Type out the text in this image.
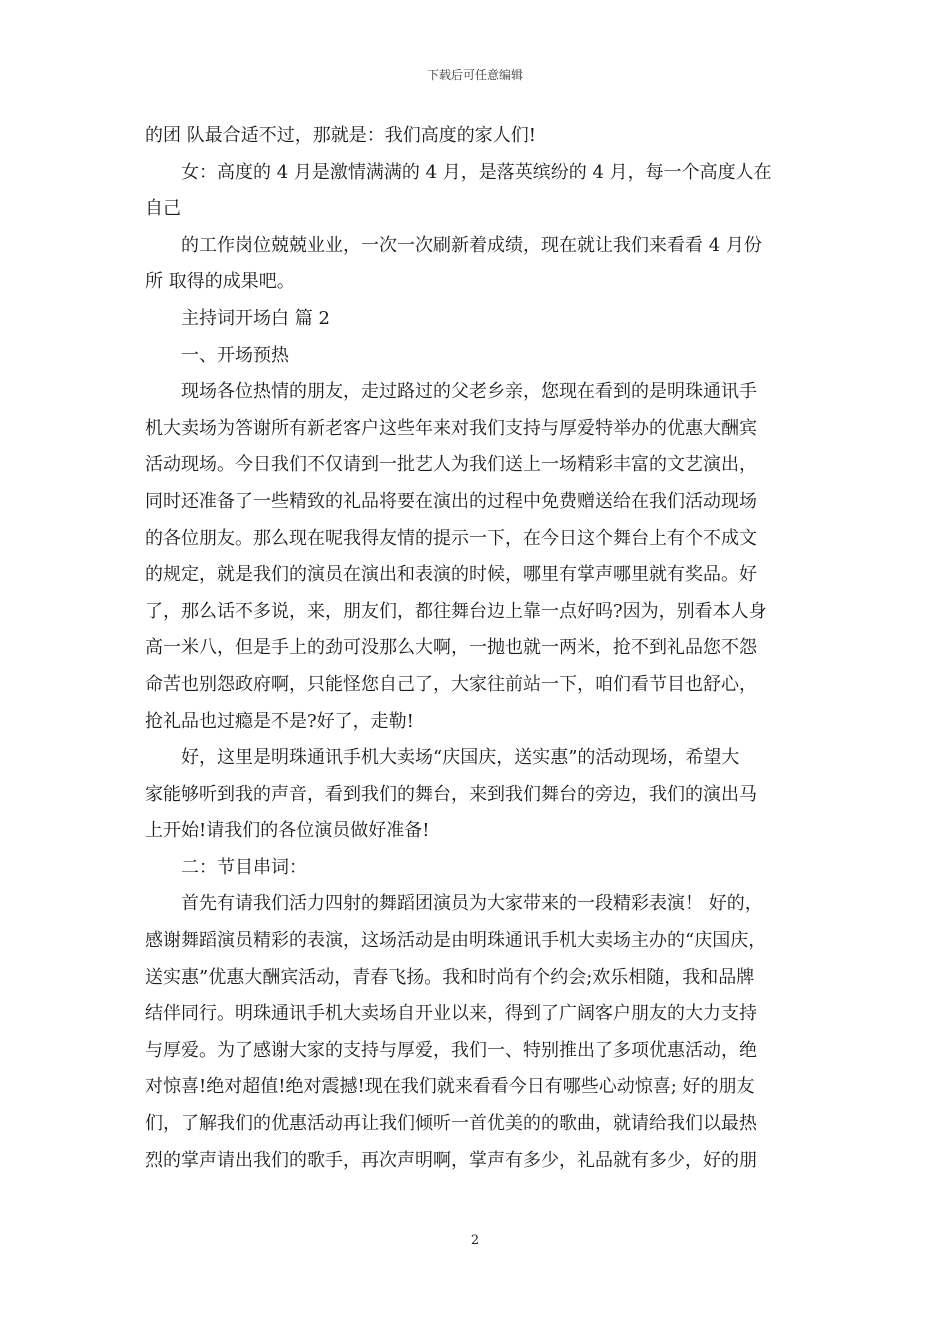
下载后可任意编辑
的团 队最合适不过，那就是：我们高度的家人们!
女：高度的 4 月是激情满满的 4 月，是落英缤纷的 4 月，每一个高度人在
自己
的工作岗位兢兢业业，一次一次刷新着成绩，现在就让我们来看看 4 月份
所 取得的成果吧。
主持词开场白 篇 2
一、开场预热
现场各位热情的朋友，走过路过的父老乡亲，您现在看到的是明珠通讯手
机大卖场为答谢所有新老客户这些年来对我们支持与厚爱特举办的优惠大酬宾
活动现场。今日我们不仅请到一批艺人为我们送上一场精彩丰富的文艺演出，
同时还准备了一些精致的礼品将要在演出的过程中免费赠送给在我们活动现场
的各位朋友。那么现在呢我得友情的提示一下，在今日这个舞台上有个不成文
的规定，就是我们的演员在演出和表演的时候，哪里有掌声哪里就有奖品。好
了，那么话不多说，来，朋友们，都往舞台边上靠一点好吗?因为，别看本人身
高一米八，但是手上的劲可没那么大啊，一抛也就一两米，抢不到礼品您不怨
命苦也别怨政府啊，只能怪您自己了，大家往前站一下，咱们看节目也舒心，
抢礼品也过瘾是不是?好了，走勒!
好，这里是明珠通讯手机大卖场“庆国庆，送实惠”的活动现场，希望大
家能够听到我的声音，看到我们的舞台，来到我们舞台的旁边，我们的演出马
上开始!请我们的各位演员做好准备!
二：节目串词：
首先有请我们活力四射的舞蹈团演员为大家带来的一段精彩表演！ 好的，
感谢舞蹈演员精彩的表演，这场活动是由明珠通讯手机大卖场主办的“庆国庆，
送实惠”优惠大酬宾活动，青春飞扬。我和时尚有个约会;欢乐相随，我和品牌
结伴同行。明珠通讯手机大卖场自开业以来，得到了广阔客户朋友的大力支持
与厚爱。为了感谢大家的支持与厚爱，我们一、特别推出了多项优惠活动，绝
对惊喜!绝对超值!绝对震撼!现在我们就来看看今日有哪些心动惊喜; 好的朋友
们，了解我们的优惠活动再让我们倾听一首优美的的歌曲，就请给我们以最热
烈的掌声请出我们的歌手，再次声明啊，掌声有多少，礼品就有多少，好的朋
2
